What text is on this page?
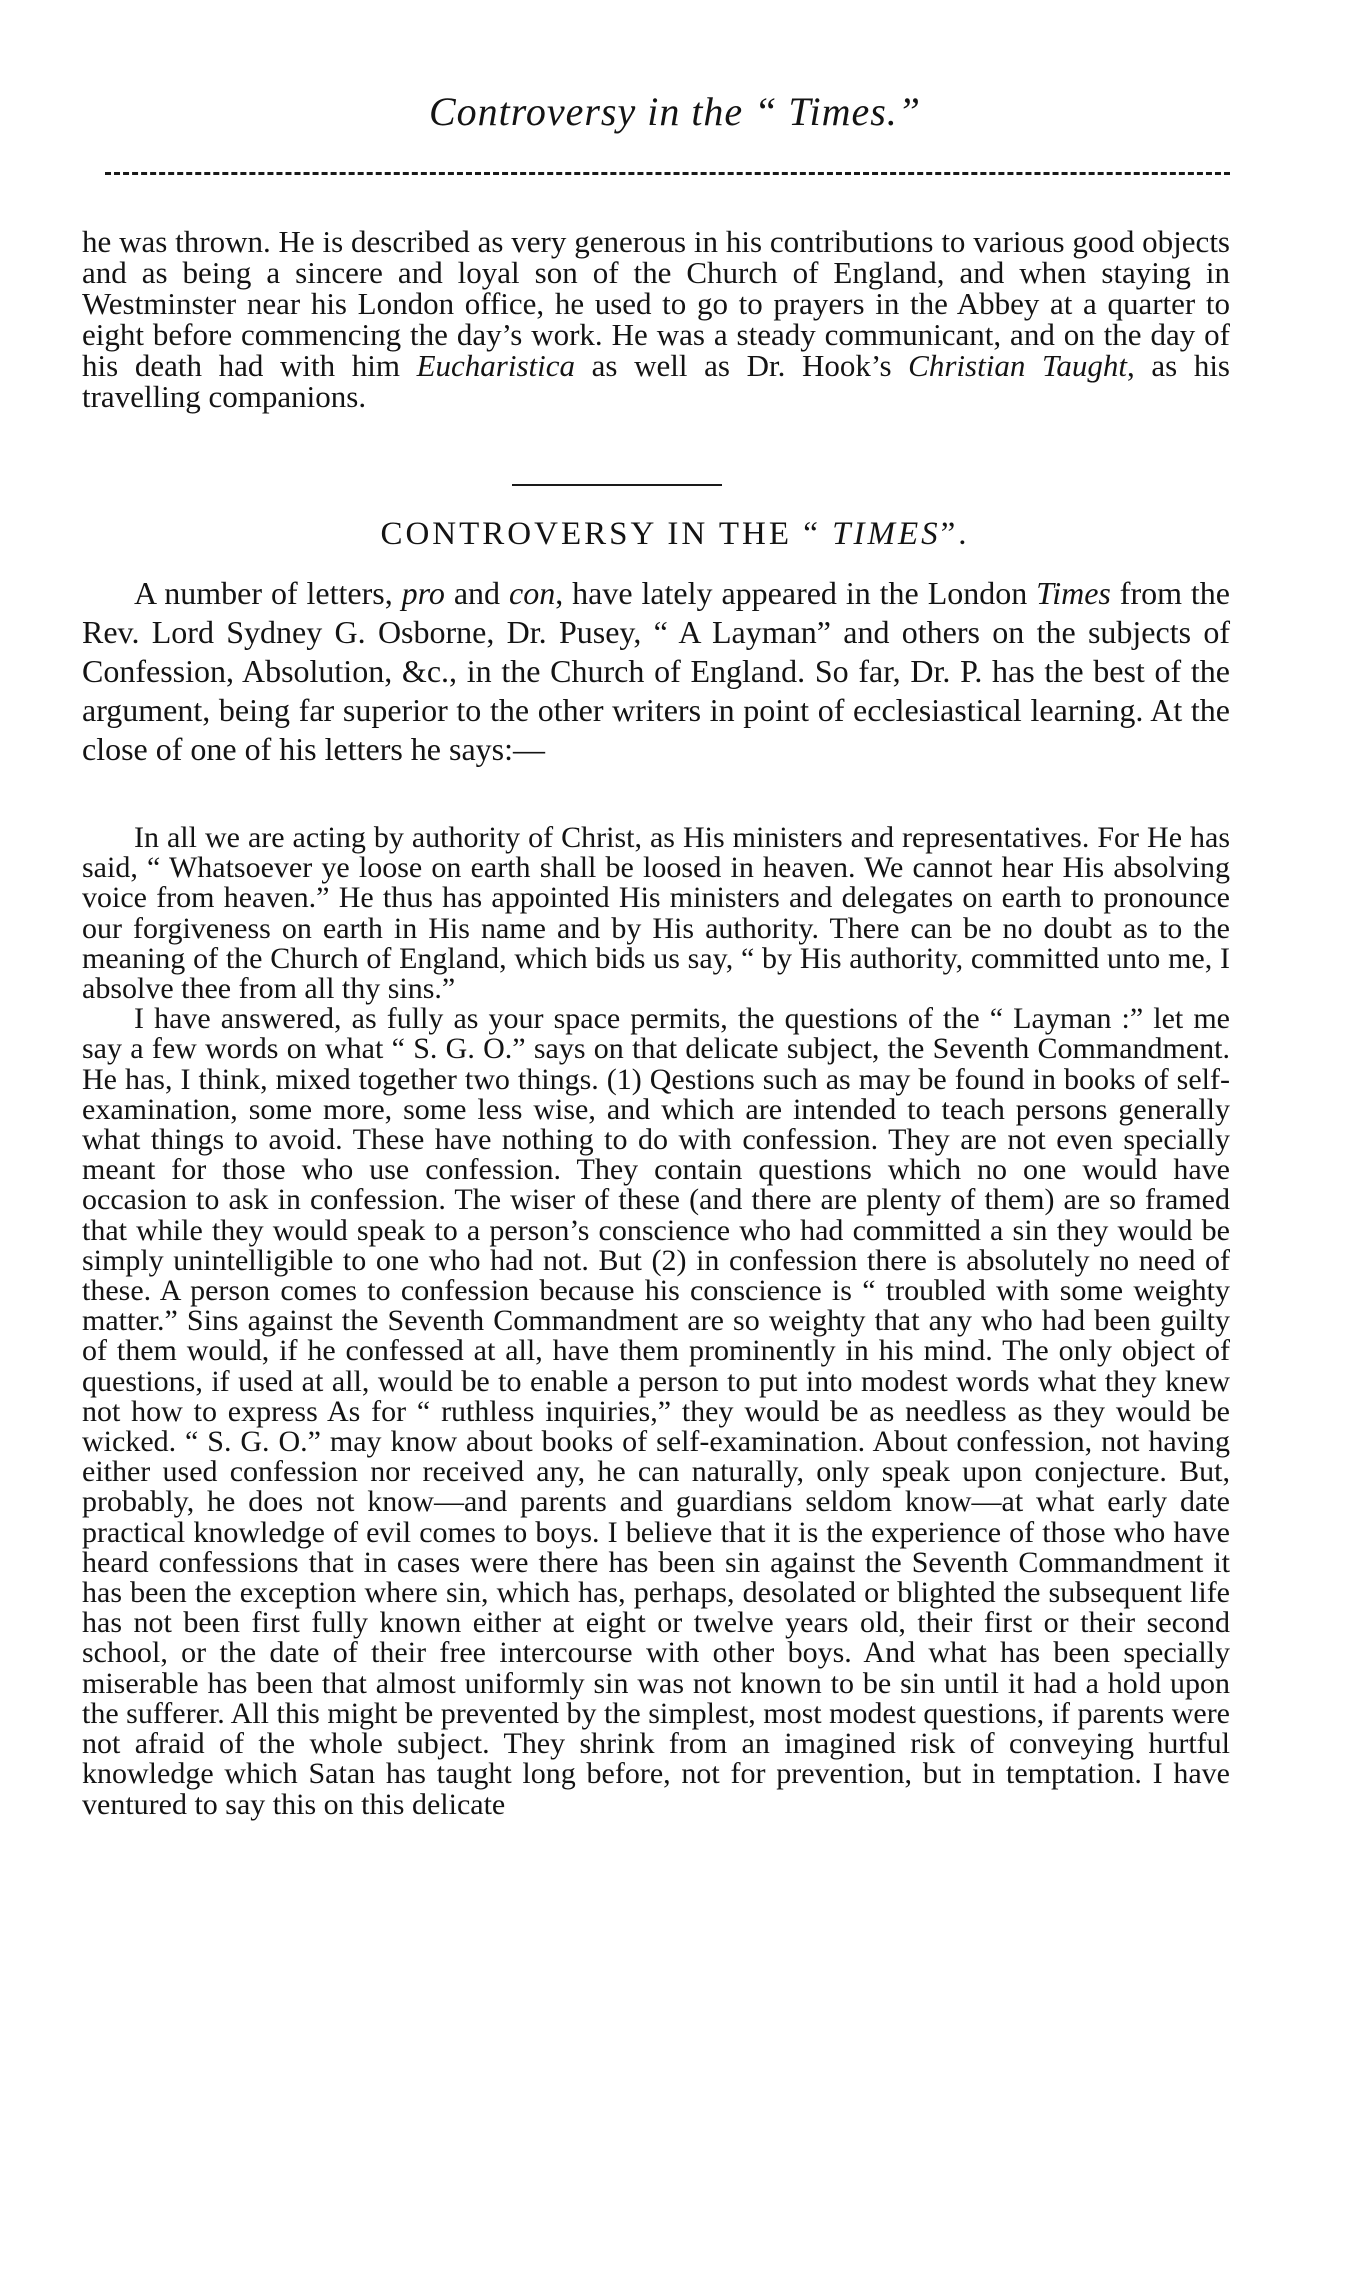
Controversy in the “ Times.”

he was thrown. He is described as very generous in his contributions to various good objects and as being a sincere and loyal son of the Church of England, and when staying in Westminster near his London office, he used to go to prayers in the Abbey at a quarter to eight before commencing the day’s work. He was a steady communicant, and on the day of his death had with him Eucharistica as well as Dr. Hook’s Christian Taught, as his travelling companions.

CONTROVERSY IN THE “ TIMES”.

A number of letters, pro and con, have lately appeared in the London Times from the Rev. Lord Sydney G. Osborne, Dr. Pusey, “ A Layman” and others on the subjects of Confession, Absolution, &c., in the Church of England. So far, Dr. P. has the best of the argument, being far superior to the other writers in point of ecclesiastical learning. At the close of one of his letters he says:—

In all we are acting by authority of Christ, as His ministers and representatives. For He has said, “ Whatsoever ye loose on earth shall be loosed in heaven. We cannot hear His absolving voice from heaven.” He thus has appointed His ministers and delegates on earth to pronounce our forgiveness on earth in His name and by His authority. There can be no doubt as to the meaning of the Church of England, which bids us say, “ by His authority, committed unto me, I absolve thee from all thy sins.”

I have answered, as fully as your space permits, the questions of the “ Layman :” let me say a few words on what “ S. G. O.” says on that delicate subject, the Seventh Commandment. He has, I think, mixed together two things. (1) Qestions such as may be found in books of self-examination, some more, some less wise, and which are intended to teach persons generally what things to avoid. These have nothing to do with confession. They are not even specially meant for those who use confession. They contain questions which no one would have occasion to ask in confession. The wiser of these (and there are plenty of them) are so framed that while they would speak to a person’s conscience who had committed a sin they would be simply unintelligible to one who had not. But (2) in confession there is absolutely no need of these. A person comes to confession because his conscience is “ troubled with some weighty matter.” Sins against the Seventh Commandment are so weighty that any who had been guilty of them would, if he confessed at all, have them prominently in his mind. The only object of questions, if used at all, would be to enable a person to put into modest words what they knew not how to express As for “ ruthless inquiries,” they would be as needless as they would be wicked. “ S. G. O.” may know about books of self-examination. About confession, not having either used confession nor received any, he can naturally, only speak upon conjecture. But, probably, he does not know—and parents and guardians seldom know—at what early date practical knowledge of evil comes to boys. I believe that it is the experience of those who have heard confessions that in cases were there has been sin against the Seventh Commandment it has been the exception where sin, which has, perhaps, desolated or blighted the subsequent life has not been first fully known either at eight or twelve years old, their first or their second school, or the date of their free intercourse with other boys. And what has been specially miserable has been that almost uniformly sin was not known to be sin until it had a hold upon the sufferer. All this might be prevented by the simplest, most modest questions, if parents were not afraid of the whole subject. They shrink from an imagined risk of conveying hurtful knowledge which Satan has taught long before, not for prevention, but in temptation. I have ventured to say this on this delicate
